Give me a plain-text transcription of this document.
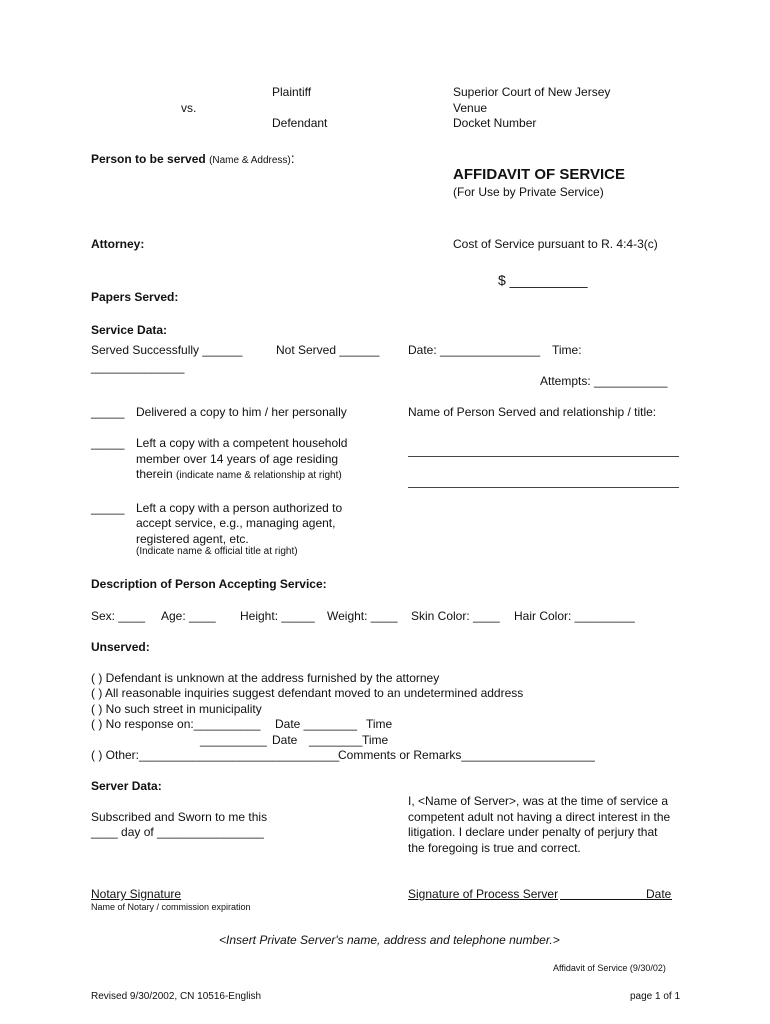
Plaintiff
vs.
Defendant
Superior Court of New Jersey
Venue
Docket Number
Person to be served (Name & Address):
AFFIDAVIT OF SERVICE
(For Use by Private Service)
Attorney:	Cost of Service pursuant to R. 4:4-3(c)
$ __________
Papers Served:
Service Data:
Served Successfully ______	Not Served ______ Date: _______________ Time:
______________
Attempts: ___________
_____ Delivered a copy to him / her personally	Name of Person Served and relationship / title:
_____ Left a copy with a competent household
member over 14 years of age residing
therein (indicate name & relationship at right)
_____ Left a copy with a person authorized to
accept service, e.g., managing agent,
registered agent, etc.
(Indicate name & official title at right)
Description of Person Accepting Service:
Sex: ____ Age: ____ Height: _____ Weight: ____ Skin Color: ____ Hair Color: _________
Unserved:
( ) Defendant is unknown at the address furnished by the attorney
( ) All reasonable inquiries suggest defendant moved to an undetermined address
( ) No such street in municipality
( ) No response on:__________ Date ________ Time
__________ Date ________ Time
( ) Other:______________________________
Comments or Remarks____________________
Server Data:
Subscribed and Sworn to me this
____ day of ________________
I, <Name of Server>, was at the time of service a
competent adult not having a direct interest in the
litigation. I declare under penalty of perjury that
the foregoing is true and correct.
Notary Signature
Name of Notary / commission expiration
Signature of Process Server	Date
<Insert Private Server's name, address and telephone number.>
Affidavit of Service (9/30/02)
Revised 9/30/2002, CN 10516-English	page 1 of 1
